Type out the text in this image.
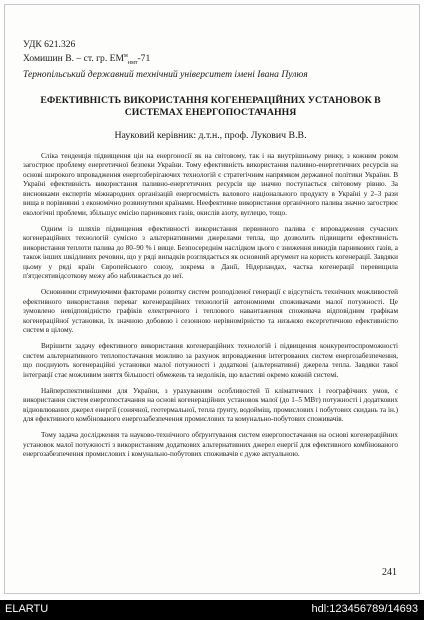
УДК 621.326
Хомишин В. – ст. гр. $ЕМ^м_{нмт}-71$
Тернопільський державний технічний університет імені Івана Пулюя
ЕФЕКТИВНІСТЬ ВИКОРИСТАННЯ КОГЕНЕРАЦІЙНИХ УСТАНОВОК В СИСТЕМАХ ЕНЕРГОПОСТАЧАННЯ
Науковий керівник: д.т.н., проф. Лукович В.В.

Сліка тенденція підвищення цін на енергоносії як на світовому, так і на внутрішньому ринку, з кожним роком загострює проблему енергетичної безпеки України. Тому ефективність використання паливно-енергетичних ресурсів на основі широкого впровадження енергозберігаючих технологій є стратегічним напрямком державної політики України. В Україні ефективність використання паливно-енергетичних ресурсів ще значно поступається світовому рівню. За висновками експертів міжнародних організацій енергоємність валового національного продукту в Україні у 2–3 рази вища в порівнянні з економічно розвинутими країнами. Неефективне використання органічного палива значно загострює екологічні проблеми, збільшує емісію парникових газів, окислів азоту, вуглецю, тощо.

Одним із шляхів підвищення ефективності використання первинного палива є впровадження сучасних когенераційних технологій сумісно з альтернативними джерелами тепла, що дозволить підвищити ефективність використання теплоти палива до 80–90 % і вище. Безпосереднім наслідком цього є зниження викидів парникових газів, а також інших шкідливих речовин, що у ряді випадків розглядається як основний аргумент на користь когенерації. Завдяки цьому у ряді країн Європейського союзу, зокрема в Данії, Нідерландах, частка когенерації перевищила п'ятдесятивідсоткову межу або наближається до неї.

Основними стримуючими факторами розвитку систем розподіленої генерації є відсутність технічних можливостей ефективного використання переваг когенераційних технологій автономними споживачами малої потужності. Це зумовлено невідповідністю графіків електричного і теплового навантаження споживача відповідним графікам когенераційної установки, їх значною добовою і сезонною нерівномірністю та низькою ексергетичною ефективністю систем в цілому.

Вирішити задачу ефективного використання когенераційних технологій і підвищення конкурентоспроможності систем альтернативного теплопостачання можливо за рахунок впровадження інтегрованих систем енергозабезпечення, що поєднують когенераційні установки малої потужності і додаткові (альтернативні) джерела тепла. Завдяки такої інтеграції стає можливим зняття більшості обмежень та недоліків, що властиві окремо кожній системі.

Найперспективнішими для України, з урахуванням особливостей її кліматичних і географічних умов, є використання систем енергопостачання на основі когенераційних установок малої (до 1–5 МВт) потужності і додаткових відновлюваних джерел енергії (сонячної, геотермальної, тепла ґрунту, водойміщ, промислових і побутових скидань та ін.) для ефективного комбінованого енергозабезпечення промислових та комунально-побутових споживачів.

Тому задача дослідження та науково-технічного обґрунтування систем енергопостачання на основі когенераційних установок малої потужності з використанням додаткових альтернативних джерел енергії для ефективного комбінованого енергозабезпечення промислових і комунально-побутових споживачів є дуже актуальною.

241
ELARTU	hdl:123456789/14693
